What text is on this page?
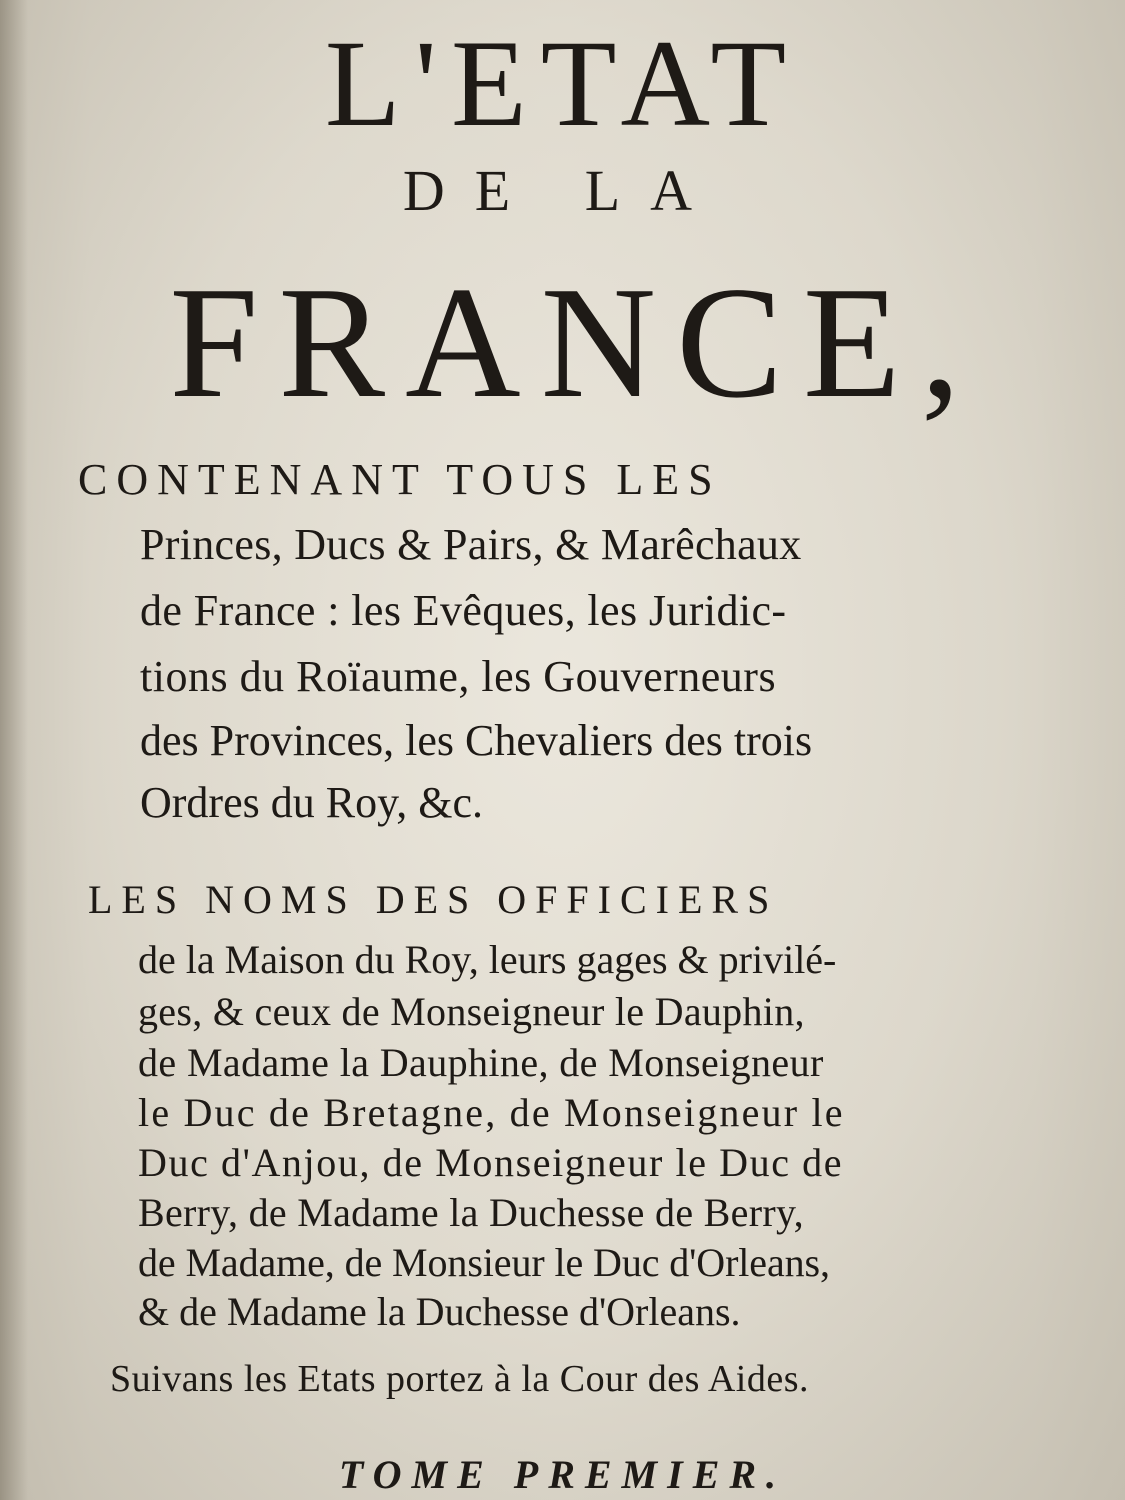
L'ETAT
DE LA
FRANCE,
CONTENANT TOUS LES
Princes, Ducs & Pairs, & Marêchaux
de France : les Evêques, les Juridic-
tions du Roïaume, les Gouverneurs
des Provinces, les Chevaliers des trois
Ordres du Roy, &c.
LES NOMS DES OFFICIERS
de la Maison du Roy, leurs gages & privilé-
ges, & ceux de Monseigneur le Dauphin,
de Madame la Dauphine, de Monseigneur
le Duc de Bretagne, de Monseigneur le
Duc d'Anjou, de Monseigneur le Duc de
Berry, de Madame la Duchesse de Berry,
de Madame, de Monsieur le Duc d'Orleans,
& de Madame la Duchesse d'Orleans.
Suivans les Etats portez à la Cour des Aides.
TOME PREMIER.
